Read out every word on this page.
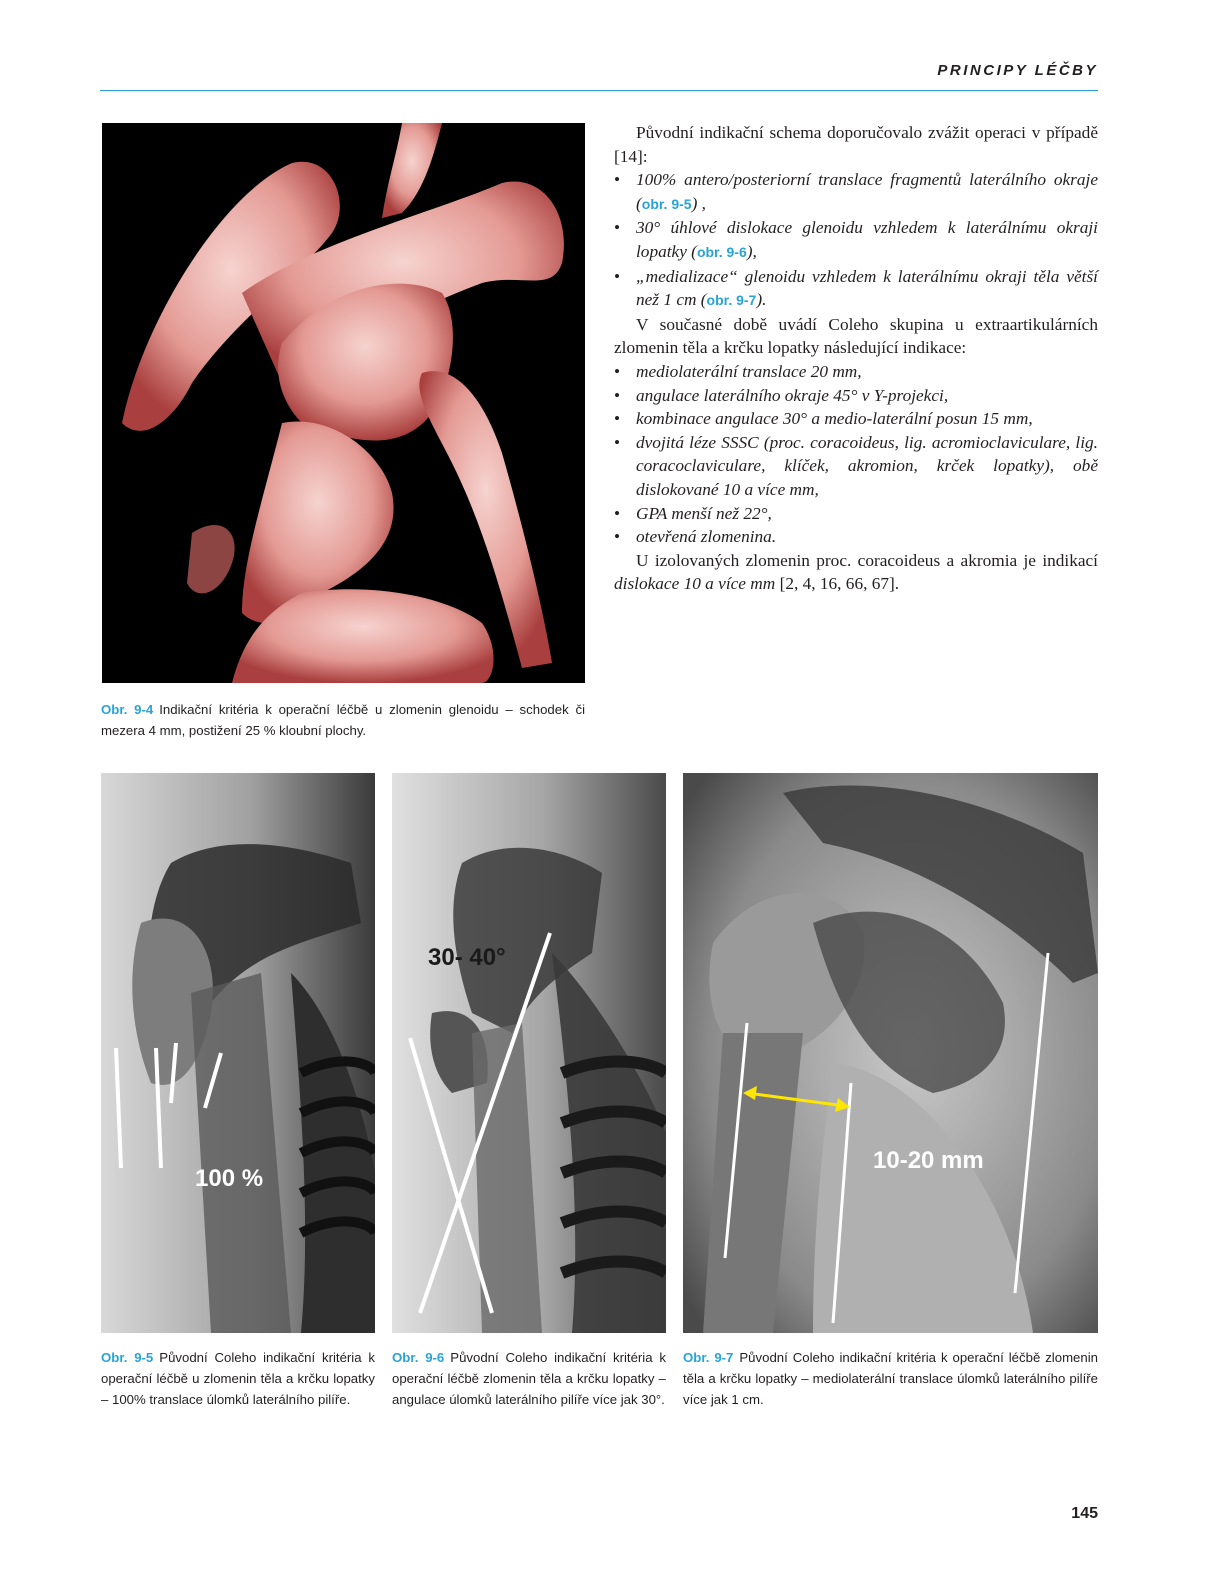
PRINCIPY LÉČBY

Původní indikační schema doporučovalo zvážit operaci v případě [14]:

• 100% antero/posteriorní translace fragmentů laterálního okraje (obr. 9-5) ,
• 30° úhlové dislokace glenoidu vzhledem k laterálnímu okraji lopatky (obr. 9-6),
• „medializace“ glenoidu vzhledem k laterálnímu okraji těla větší než 1 cm (obr. 9-7).

V současné době uvádí Coleho skupina u extraartikulárních zlomenin těla a krčku lopatky následující indikace:

• mediolaterální translace 20 mm,
• angulace laterálního okraje 45° v Y-projekci,
• kombinace angulace 30° a medio-laterální posun 15 mm,
• dvojitá léze SSSC (proc. coracoideus, lig. acromioclaviculare, lig. coracoclaviculare, klíček, akromion, krček lopatky), obě dislokované 10 a více mm,
• GPA menší než 22°,
• otevřená zlomenina.

U izolovaných zlomenin proc. coracoideus a akromia je indikací dislokace 10 a více mm [2, 4, 16, 66, 67].

Obr. 9-4 Indikační kritéria k operační léčbě u zlomenin glenoidu – schodek či mezera 4 mm, postižení 25 % kloubní plochy.
100 %
30- 40°
10-20 mm
Obr. 9-5 Původní Coleho indikační kritéria k operační léčbě u zlomenin těla a krčku lopatky – 100% translace úlomků laterálního pilíře.
Obr. 9-6 Původní Coleho indikační kritéria k operační léčbě zlomenin těla a krčku lopatky – angulace úlomků laterálního pilíře více jak 30°.
Obr. 9-7 Původní Coleho indikační kritéria k operační léčbě zlomenin těla a krčku lopatky – mediolaterální translace úlomků laterálního pilíře více jak 1 cm.
145
